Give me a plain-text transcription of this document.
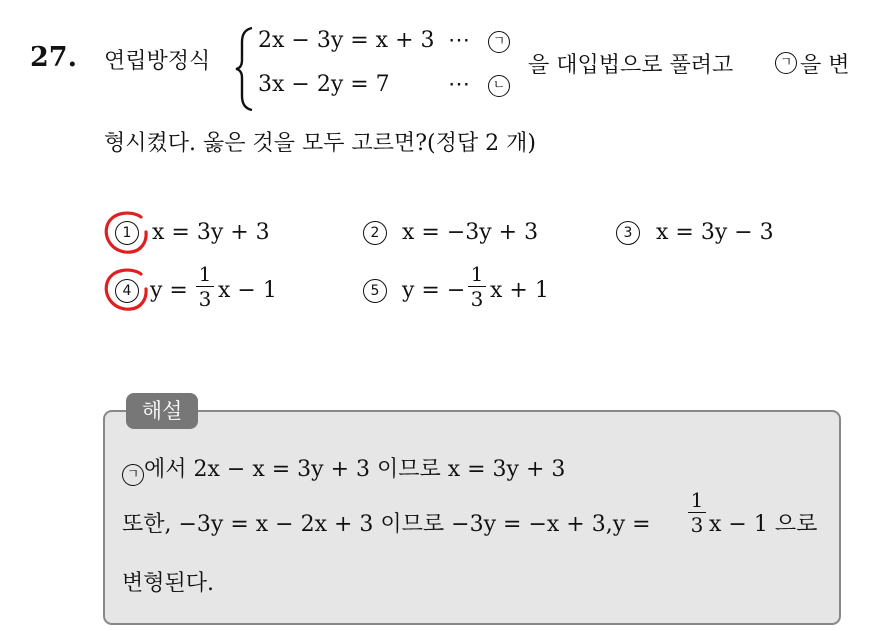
27. 연립방정식
2x − 3y = x + 3
3x − 2y = 7
⋯
⋯
ㄱ
ㄴ
을 대입법으로 풀려고	ㄱ 을 변
형시켰다. 옳은 것을 모두 고르면?(정답 2 개)
1 x = 3y + 3	2	x = −3y + 3	3	x = 3y − 3
4 y =
1
3 x − 1	5	y = −
1
3 x + 1
해설
ㄱ 에서 2x − x = 3y + 3 이므로 x = 3y + 3
또한, −3y = x − 2x + 3 이므로 −3y = −x + 3,y =
1
3 x − 1 으로
변형된다.
